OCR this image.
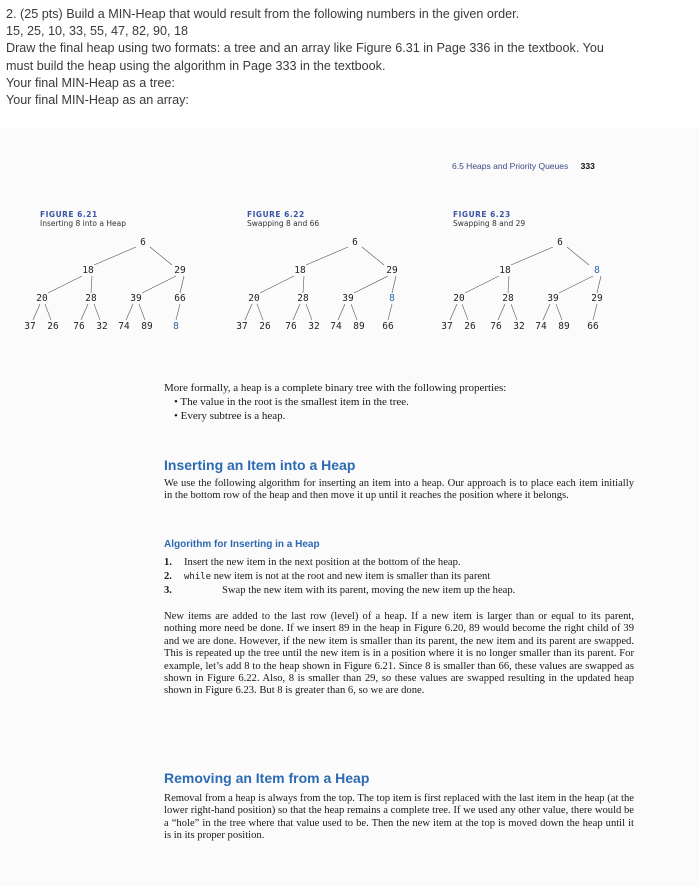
2. (25 pts) Build a MIN-Heap that would result from the following numbers in the given order.
15, 25, 10, 33, 55, 47, 82, 90, 18
Draw the final heap using two formats: a tree and an array like Figure 6.31 in Page 336 in the textbook. You
must build the heap using the algorithm in Page 333 in the textbook.
Your final MIN-Heap as a tree:
Your final MIN-Heap as an array:
6.5 Heaps and Priority Queues 333
FIGURE 6.21
Inserting 8 into a Heap
FIGURE 6.22
Swapping 8 and 66
FIGURE 6.23
Swapping 8 and 29
6
18	29
20	28	39	66
37 26 76 32 74 89 8
6
18	29
20	28	39	8
37 26 76 32 74 89 66
6
18	8
20	28	39	29
37 26 76 32 74 89 66

More formally, a heap is a complete binary tree with the following properties:

• The value in the root is the smallest item in the tree.

• Every subtree is a heap.

Inserting an Item into a Heap
We use the following algorithm for inserting an item into a heap. Our approach is to place each item initially in the bottom row of the heap and then move it up until it reaches the position where it belongs.
Algorithm for Inserting in a Heap
1. Insert the new item in the next position at the bottom of the heap.
2. while new item is not at the root and new item is smaller than its parent
3.	Swap the new item with its parent, moving the new item up the heap.
New items are added to the last row (level) of a heap. If a new item is larger than or equal to its parent, nothing more need be done. If we insert 89 in the heap in Figure 6.20, 89 would become the right child of 39 and we are done. However, if the new item is smaller than its parent, the new item and its parent are swapped. This is repeated up the tree until the new item is in a position where it is no longer smaller than its parent. For example, let’s add 8 to the heap shown in Figure 6.21. Since 8 is smaller than 66, these values are swapped as shown in Figure 6.22. Also, 8 is smaller than 29, so these values are swapped resulting in the updated heap shown in Figure 6.23. But 8 is greater than 6, so we are done.
Removing an Item from a Heap
Removal from a heap is always from the top. The top item is first replaced with the last item in the heap (at the lower right-hand position) so that the heap remains a complete tree. If we used any other value, there would be a “hole” in the tree where that value used to be. Then the new item at the top is moved down the heap until it is in its proper position.
